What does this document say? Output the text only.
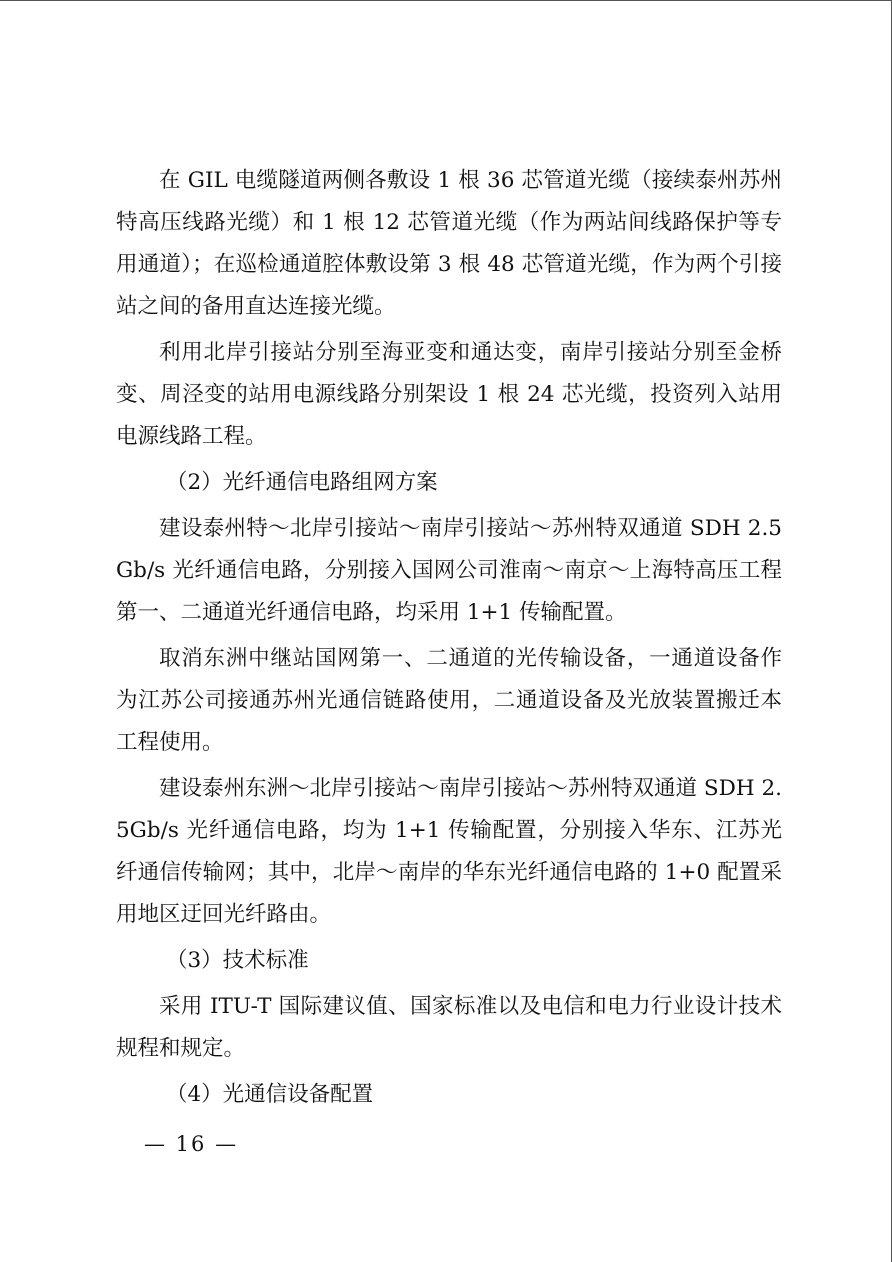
在 GIL 电缆隧道两侧各敷设 1 根 36 芯管道光缆（接续泰州苏州特高压线路光缆）和 1 根 12 芯管道光缆（作为两站间线路保护等专用通道）；在巡检通道腔体敷设第 3 根 48 芯管道光缆，作为两个引接站之间的备用直达连接光缆。

利用北岸引接站分别至海亚变和通达变，南岸引接站分别至金桥变、周泾变的站用电源线路分别架设 1 根 24 芯光缆，投资列入站用电源线路工程。

（2）光纤通信电路组网方案

建设泰州特～北岸引接站～南岸引接站～苏州特双通道 SDH 2.5Gb/s 光纤通信电路，分别接入国网公司淮南～南京～上海特高压工程第一、二通道光纤通信电路，均采用 1+1 传输配置。

取消东洲中继站国网第一、二通道的光传输设备，一通道设备作为江苏公司接通苏州光通信链路使用，二通道设备及光放装置搬迁本工程使用。

建设泰州东洲～北岸引接站～南岸引接站～苏州特双通道 SDH 2.5Gb/s 光纤通信电路，均为 1+1 传输配置，分别接入华东、江苏光纤通信传输网；其中，北岸～南岸的华东光纤通信电路的 1+0 配置采用地区迂回光纤路由。

（3）技术标准

采用 ITU-T 国际建议值、国家标准以及电信和电力行业设计技术规程和规定。

（4）光通信设备配置

— 16 —
